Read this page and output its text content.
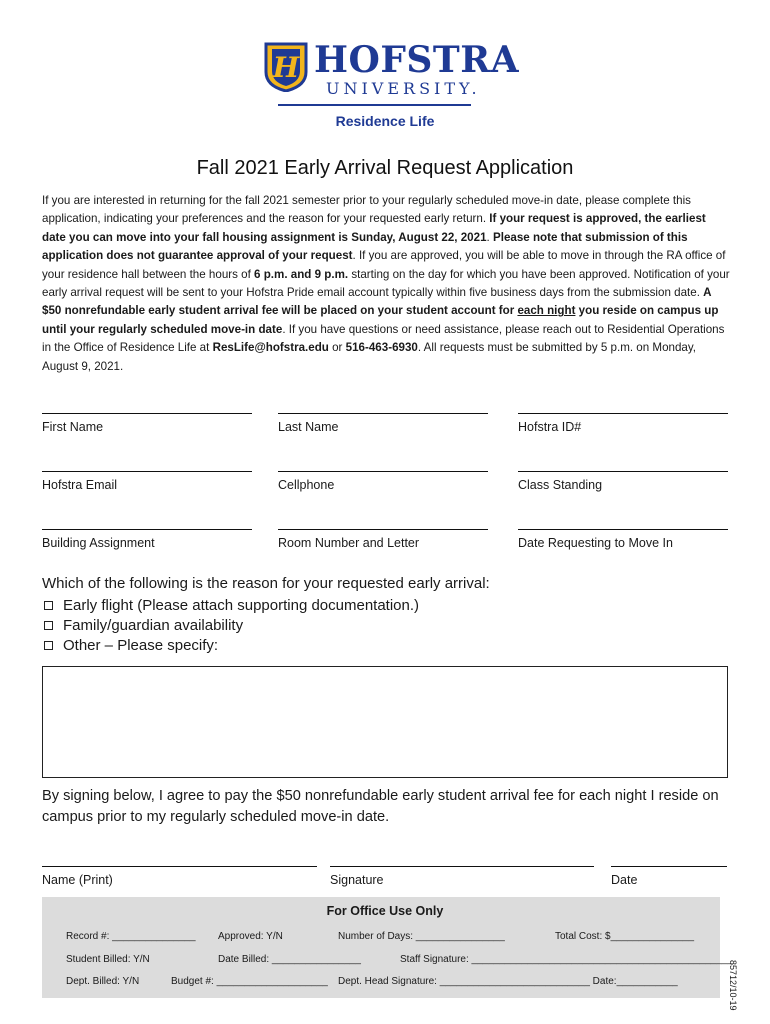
H HOFSTRA
UNIVERSITY.
Residence Life
Fall 2021 Early Arrival Request Application
If you are interested in returning for the fall 2021 semester prior to your regularly scheduled move-in date, please complete this application, indicating your preferences and the reason for your requested early return. If your request is approved, the earliest date you can move into your fall housing assignment is Sunday, August 22, 2021. Please note that submission of this application does not guarantee approval of your request. If you are approved, you will be able to move in through the RA office of your residence hall between the hours of 6 p.m. and 9 p.m. starting on the day for which you have been approved. Notification of your early arrival request will be sent to your Hofstra Pride email account typically within five business days from the submission date. A $50 nonrefundable early student arrival fee will be placed on your student account for each night you reside on campus up until your regularly scheduled move-in date. If you have questions or need assistance, please reach out to Residential Operations in the Office of Residence Life at ResLife@hofstra.edu or 516-463-6930. All requests must be submitted by 5 p.m. on Monday, August 9, 2021.
First Name	Last Name	Hofstra ID#
Hofstra Email	Cellphone	Class Standing
Building Assignment	Room Number and Letter	Date Requesting to Move In
Which of the following is the reason for your requested early arrival:
Early flight (Please attach supporting documentation.)
Family/guardian availability
Other – Please specify:
By signing below, I agree to pay the $50 nonrefundable early student arrival fee for each night I reside on campus prior to my regularly scheduled move-in date.
Name (Print)	Signature	Date
For Office Use Only
Record #: _______________ Approved: Y/N	Number of Days: ________________	Total Cost: $_______________
Student Billed: Y/N	Date Billed: ________________	Staff Signature: _______________________________________________
Dept. Billed: Y/N	Budget #: ____________________ Dept. Head Signature: ___________________________ Date:___________	85712/10-19
